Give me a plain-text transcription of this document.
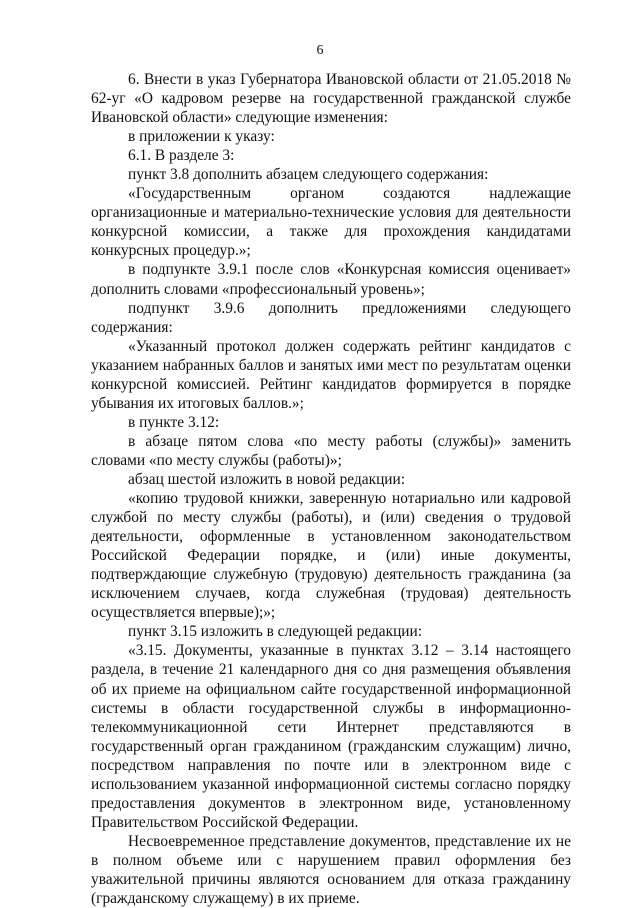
6

6. Внести в указ Губернатора Ивановской области от 21.05.2018 № 62-уг «О кадровом резерве на государственной гражданской службе Ивановской области» следующие изменения:

в приложении к указу:

6.1. В разделе 3:

пункт 3.8 дополнить абзацем следующего содержания:

«Государственным органом создаются надлежащие организационные и материально-технические условия для деятельности конкурсной комиссии, а также для прохождения кандидатами конкурсных процедур.»;

в подпункте 3.9.1 после слов «Конкурсная комиссия оценивает» дополнить словами «профессиональный уровень»;

подпункт 3.9.6 дополнить предложениями следующего содержания:

«Указанный протокол должен содержать рейтинг кандидатов с указанием набранных баллов и занятых ими мест по результатам оценки конкурсной комиссией. Рейтинг кандидатов формируется в порядке убывания их итоговых баллов.»;

в пункте 3.12:

в абзаце пятом слова «по месту работы (службы)» заменить словами «по месту службы (работы)»;

абзац шестой изложить в новой редакции:

«копию трудовой книжки, заверенную нотариально или кадровой службой по месту службы (работы), и (или) сведения о трудовой деятельности, оформленные в установленном законодательством Российской Федерации порядке, и (или) иные документы, подтверждающие служебную (трудовую) деятельность гражданина (за исключением случаев, когда служебная (трудовая) деятельность осуществляется впервые);»;

пункт 3.15 изложить в следующей редакции:

«3.15. Документы, указанные в пунктах 3.12 – 3.14 настоящего раздела, в течение 21 календарного дня со дня размещения объявления об их приеме на официальном сайте государственной информационной системы в области государственной службы в информационно-телекоммуникационной сети Интернет представляются в государственный орган гражданином (гражданским служащим) лично, посредством направления по почте или в электронном виде с использованием указанной информационной системы согласно порядку предоставления документов в электронном виде, установленному Правительством Российской Федерации.

Несвоевременное представление документов, представление их не в полном объеме или с нарушением правил оформления без уважительной причины являются основанием для отказа гражданину (гражданскому служащему) в их приеме.
